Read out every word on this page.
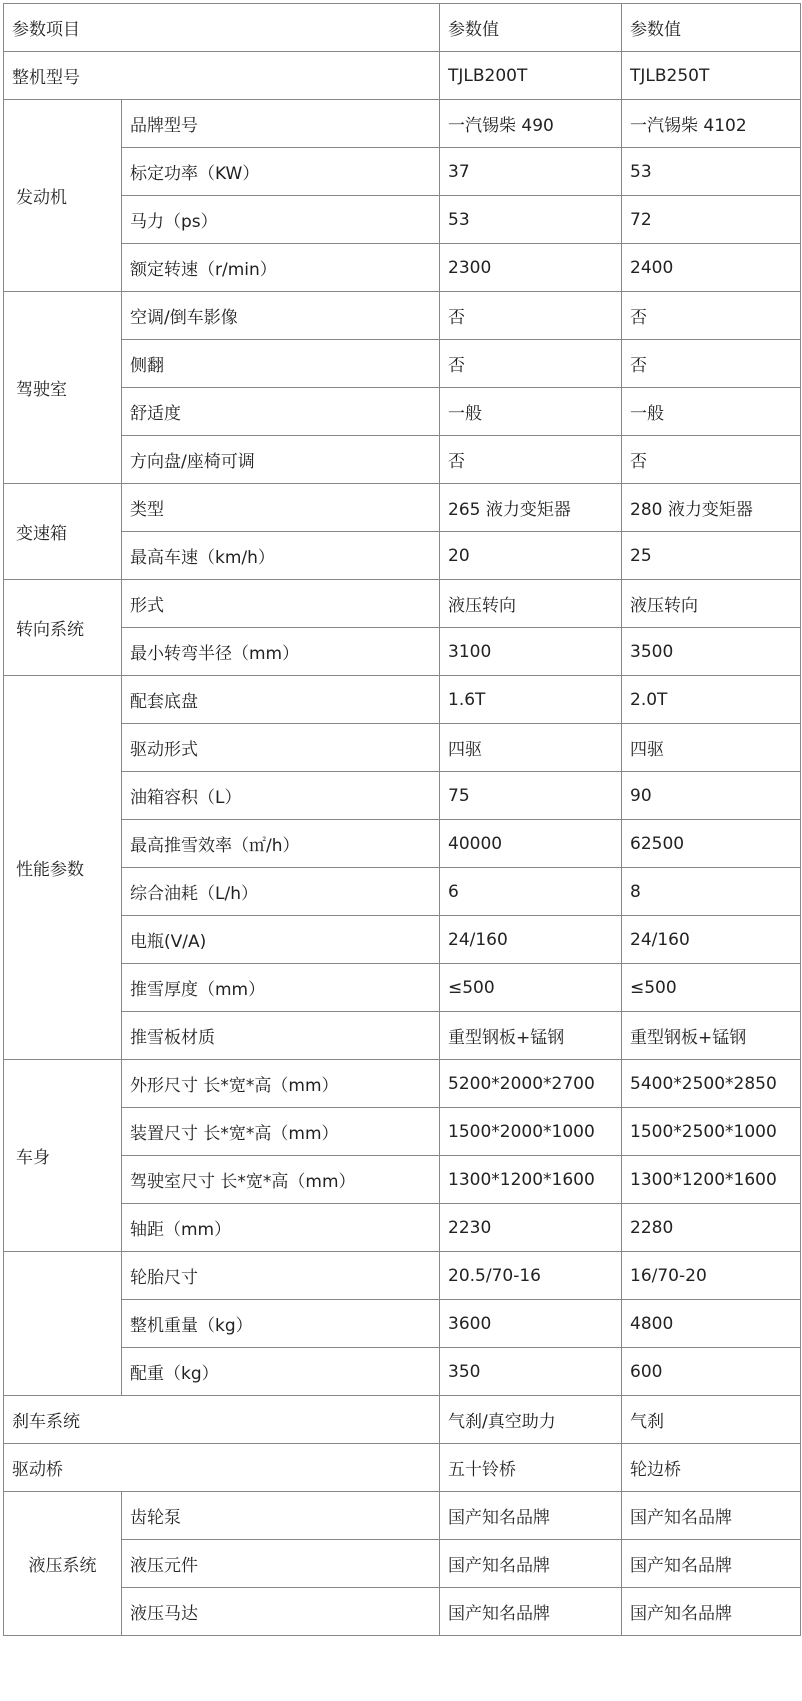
参数项目		参数值	参数值
整机型号		TJLB200T	TJLB250T
发动机	品牌型号	一汽锡柴 490	一汽锡柴 4102
	标定功率（KW）	37	53
	马力（ps）	53	72
	额定转速（r/min）	2300	2400
驾驶室	空调/倒车影像	否	否
	侧翻	否	否
	舒适度	一般	一般
	方向盘/座椅可调	否	否
变速箱	类型	265 液力变矩器	280 液力变矩器
	最高车速（km/h）	20	25
转向系统	形式	液压转向	液压转向
	最小转弯半径（mm）	3100	3500
性能参数	配套底盘	1.6T	2.0T
	驱动形式	四驱	四驱
	油箱容积（L）	75	90
	最高推雪效率（㎡/h）	40000	62500
	综合油耗（L/h）	6	8
	电瓶(V/A)	24/160	24/160
	推雪厚度（mm）	≤500	≤500
	推雪板材质	重型钢板+锰钢	重型钢板+锰钢
车身	外形尺寸 长*宽*高（mm）	5200*2000*2700	5400*2500*2850
	装置尺寸 长*宽*高（mm）	1500*2000*1000	1500*2500*1000
	驾驶室尺寸 长*宽*高（mm）	1300*1200*1600	1300*1200*1600
	轴距（mm）	2230	2280
	轮胎尺寸	20.5/70-16	16/70-20
	整机重量（kg）	3600	4800
	配重（kg）	350	600
刹车系统		气刹/真空助力	气刹
驱动桥		五十铃桥	轮边桥
液压系统	齿轮泵	国产知名品牌	国产知名品牌
	液压元件	国产知名品牌	国产知名品牌
	液压马达	国产知名品牌	国产知名品牌
